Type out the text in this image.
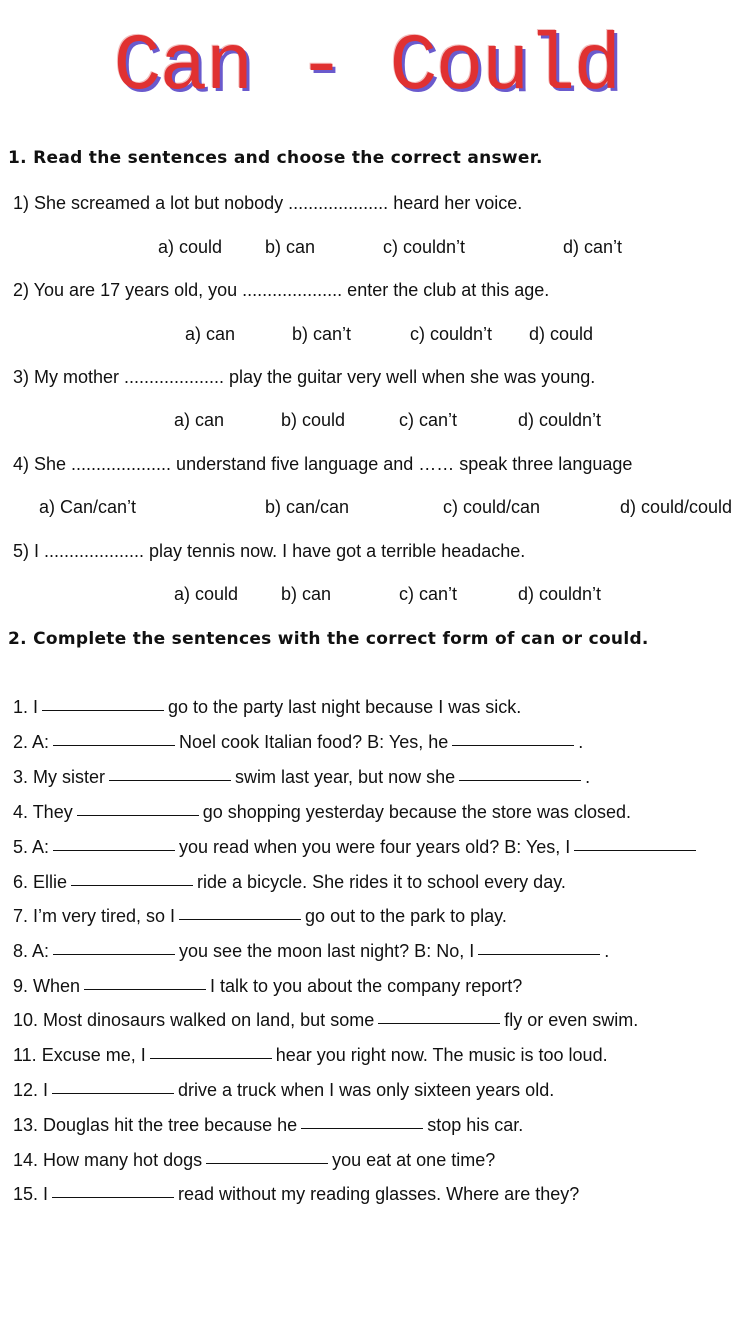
Can - Could
1. Read the sentences and choose the correct answer.
1) She screamed a lot but nobody .................... heard her voice.
a) could b) can	c) couldn’t	d) can’t
2) You are 17 years old, you .................... enter the club at this age.
a) can	b) can’t	c) couldn’t d) could
3) My mother .................... play the guitar very well when she was young.
a) can	b) could	c) can’t	d) couldn’t
4) She .................... understand five language and …… speak three language
a) Can/can’t	b) can/can	c) could/can	d) could/could
5) I .................... play tennis now. I have got a terrible headache.
a) could b) can	c) can’t	d) couldn’t
2. Complete the sentences with the correct form of can or could.
1. I	go to the party last night because I was sick.
2. A:	Noel cook Italian food? B: Yes, he	.
3. My sister	swim last year, but now she	.
4. They	go shopping yesterday because the store was closed.
5. A:	you read when you were four years old? B: Yes, I
6. Ellie	ride a bicycle. She rides it to school every day.
7. I’m very tired, so I	go out to the park to play.
8. A:	you see the moon last night? B: No, I	.
9. When	I talk to you about the company report?
10. Most dinosaurs walked on land, but some	fly or even swim.
11. Excuse me, I	hear you right now. The music is too loud.
12. I	drive a truck when I was only sixteen years old.
13. Douglas hit the tree because he	stop his car.
14. How many hot dogs	you eat at one time?
15. I	read without my reading glasses. Where are they?
